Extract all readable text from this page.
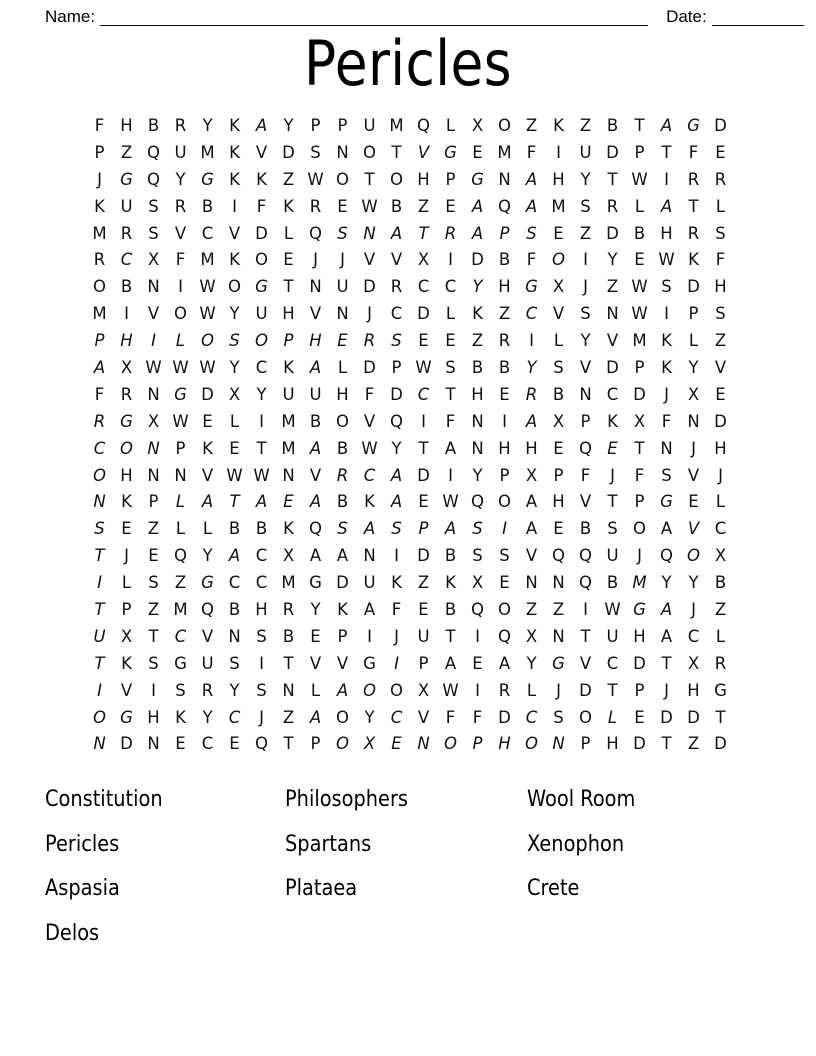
Name:	Date:
Pericles
F H B R Y	K A Y	P	P U M Q L	X O Z K Z B T A G D
P Z Q U M K V D S N O T V G E M F	I	U D P	T	F	E
J	G Q Y G K K Z W O T O H P G N A H Y	T W I	R R
K U S R B	I	F	K R E W B Z E A Q A M S R	L	A T	L
M R S V C V D L Q S N A T R A P	S	E Z D B H R S
R C X	F M K O E	J	J	V V X	I	D B	F O	I	Y	E W K	F
O B N	I W O G T N U D R C C Y H G X	J	Z W S D H
M	I	V O W Y U H V N	J	C D L	K Z C V S N W I	P	S
P H	I	L O S O P H E R S	E	E Z R	I	L	Y V M K	L	Z
A X W W W Y C K A	L D P W S B B Y	S V D P	K	Y V
F	R N G D X Y U U H F D C T H E R B N C D	J	X E
R G X W E	L	I	M B O V Q	I	F N	I	A X P	K X	F N D
C O N P	K E	T M A B W Y	T A N H H E Q E	T N	J	H
O H N N V W W N V R C A D	I	Y	P X P	F	J	F	S V	J
N K	P	L	A T A E A B K A E W Q O A H V T	P G E	L
S	E Z	L	L	B B K Q S A S	P A S	I	A E B S O A V C
T	J	E Q Y A C X A A N	I	D B S	S V Q Q U	J	Q O X
I	L	S Z G C C M G D U K Z K X E N N Q B M Y	Y B
T	P Z M Q B H R Y	K A	F	E B Q O Z Z	I W G A	J	Z
U X T C V N S B E	P	I	J	U T	I	Q X N T U H A C	L
T	K S G U S	I	T V V G	I	P A E A Y G V C D T X R
I	V	I	S R Y	S N L	A O O X W I	R	L	J	D T	P	J	H G
O G H K	Y C	J	Z A O Y C V	F	F D C S O L	E D D T
N D N E C E Q T	P O X E N O P H O N P H D T Z D
Constitution
Pericles
Aspasia
Delos
Philosophers
Spartans
Plataea
Wool Room
Xenophon
Crete
